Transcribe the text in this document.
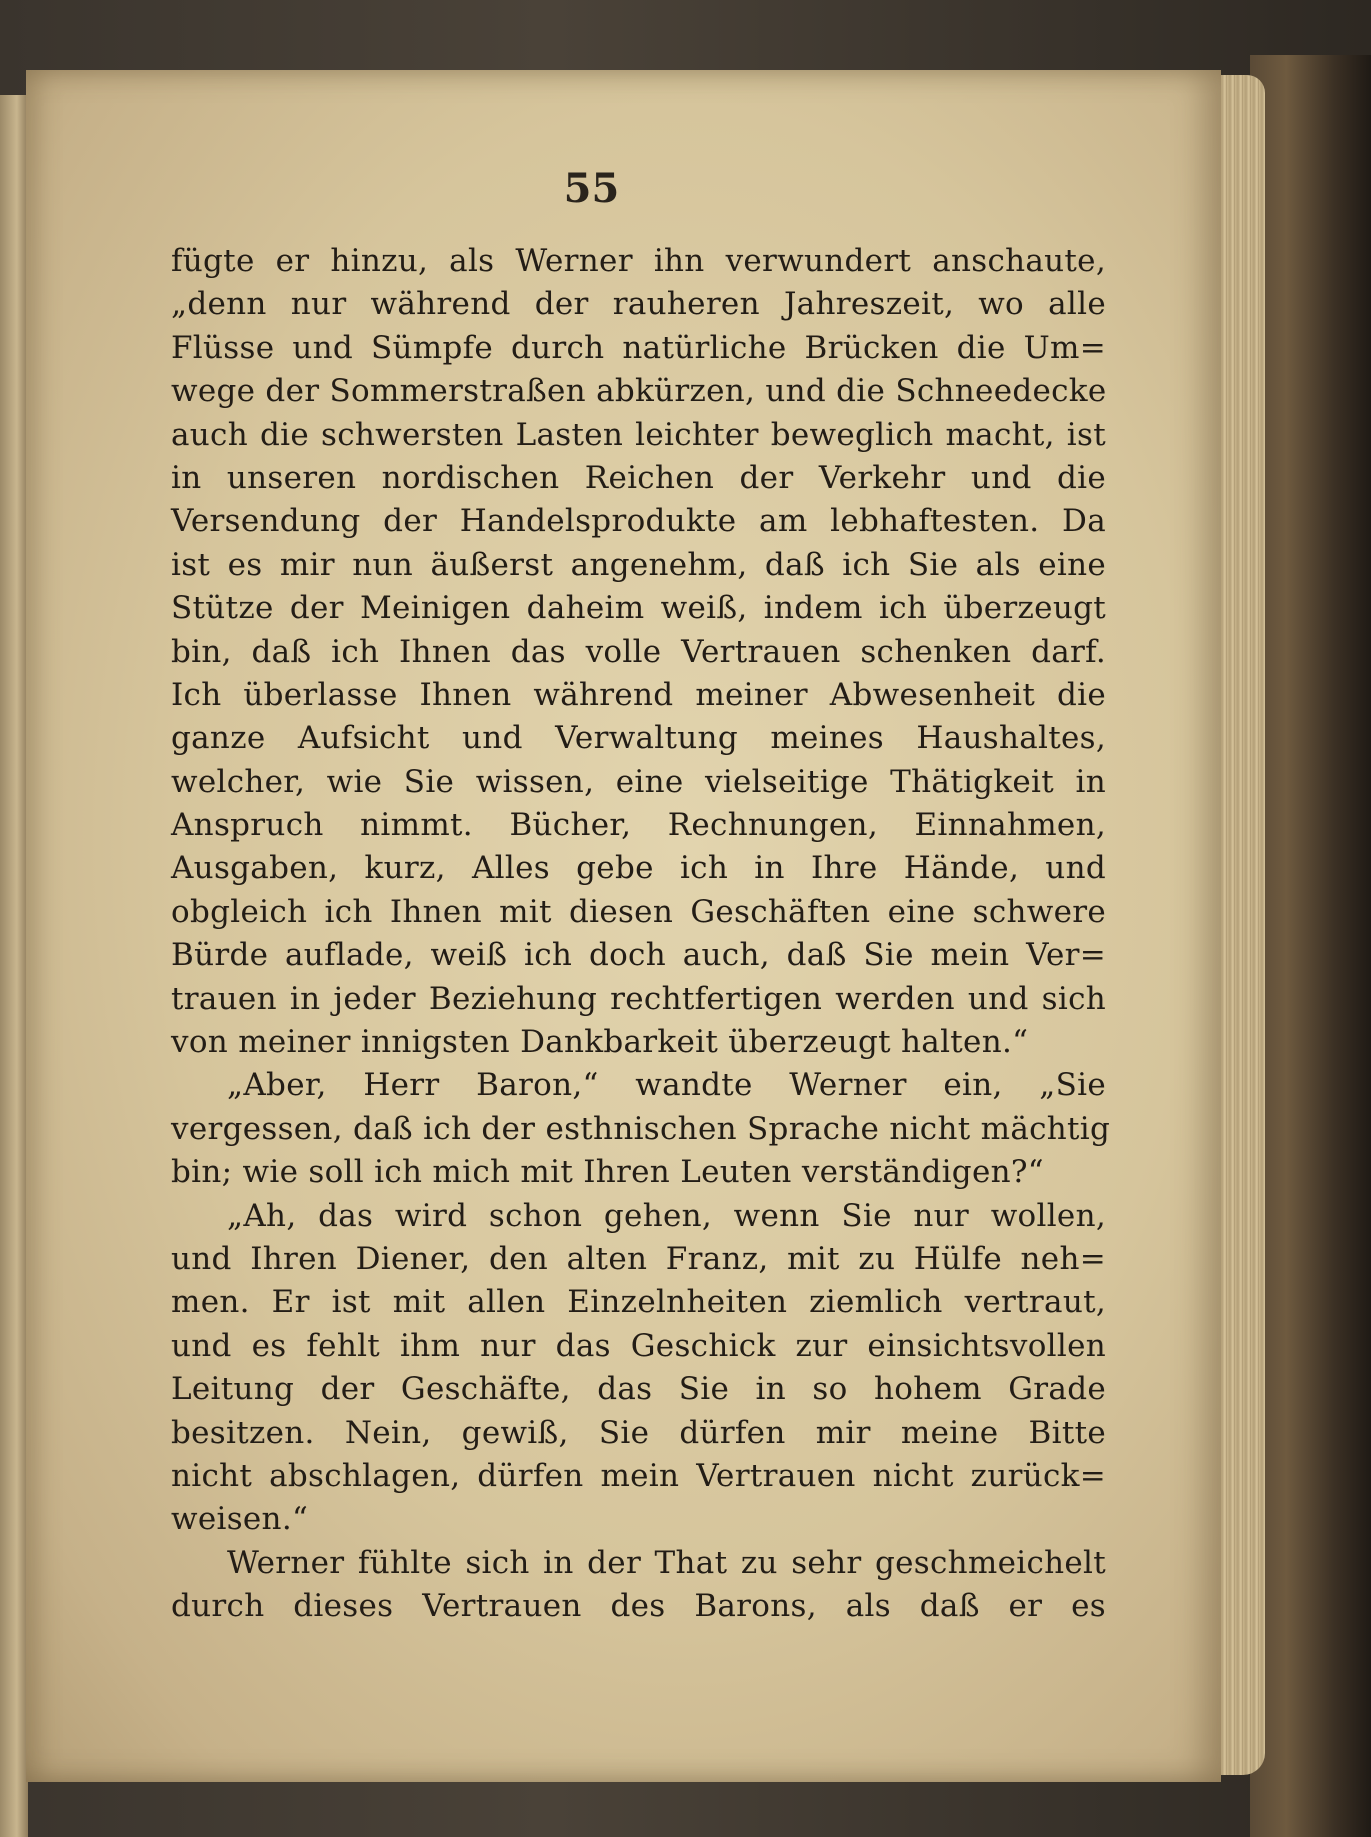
55
fügte er hinzu, als Werner ihn verwundert anschaute,
„denn nur während der rauheren Jahreszeit, wo alle
Flüsse und Sümpfe durch natürliche Brücken die Um=
wege der Sommerstraßen abkürzen, und die Schneedecke
auch die schwersten Lasten leichter beweglich macht, ist
in unseren nordischen Reichen der Verkehr und die
Versendung der Handelsprodukte am lebhaftesten. Da
ist es mir nun äußerst angenehm, daß ich Sie als eine
Stütze der Meinigen daheim weiß, indem ich überzeugt
bin, daß ich Ihnen das volle Vertrauen schenken darf.
Ich überlasse Ihnen während meiner Abwesenheit die
ganze Aufsicht und Verwaltung meines Haushaltes,
welcher, wie Sie wissen, eine vielseitige Thätigkeit in
Anspruch nimmt. Bücher, Rechnungen, Einnahmen,
Ausgaben, kurz, Alles gebe ich in Ihre Hände, und
obgleich ich Ihnen mit diesen Geschäften eine schwere
Bürde auflade, weiß ich doch auch, daß Sie mein Ver=
trauen in jeder Beziehung rechtfertigen werden und sich
von meiner innigsten Dankbarkeit überzeugt halten.“
„Aber, Herr Baron,“ wandte Werner ein, „Sie
vergessen, daß ich der esthnischen Sprache nicht mächtig
bin; wie soll ich mich mit Ihren Leuten verständigen?“
„Ah, das wird schon gehen, wenn Sie nur wollen,
und Ihren Diener, den alten Franz, mit zu Hülfe neh=
men. Er ist mit allen Einzelnheiten ziemlich vertraut,
und es fehlt ihm nur das Geschick zur einsichtsvollen
Leitung der Geschäfte, das Sie in so hohem Grade
besitzen. Nein, gewiß, Sie dürfen mir meine Bitte
nicht abschlagen, dürfen mein Vertrauen nicht zurück=
weisen.“
Werner fühlte sich in der That zu sehr geschmeichelt
durch dieses Vertrauen des Barons, als daß er es
